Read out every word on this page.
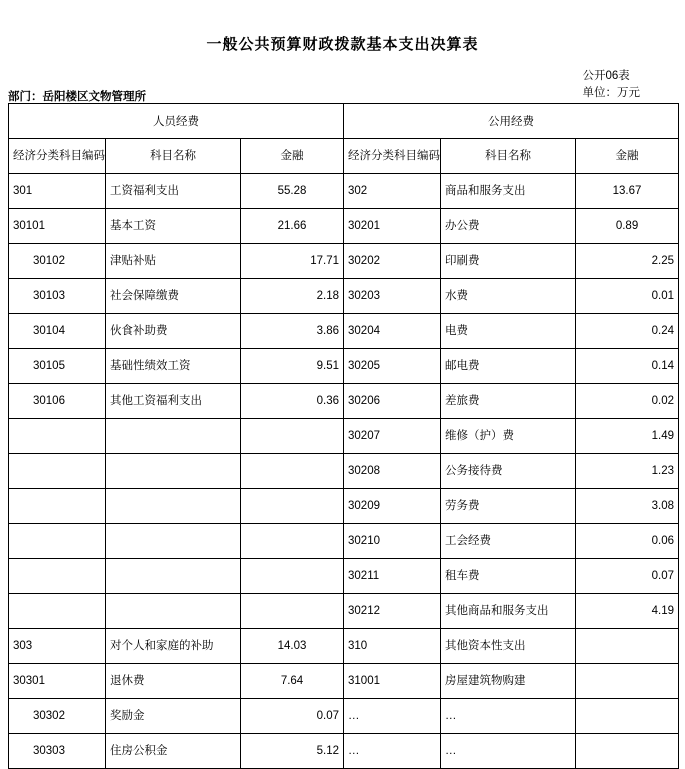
一般公共预算财政拨款基本支出决算表
公开06表
单位：万元
部门：岳阳楼区文物管理所
人员经费			公用经费		
经济分类科目编码	科目名称	金融	经济分类科目编码	科目名称	金融
301	工资福利支出	55.28	302	商品和服务支出	13.67
30101	基本工资	21.66	30201	办公费	0.89
30102	津贴补贴	17.71	30202	印刷费	2.25
30103	社会保障缴费	2.18	30203	水费	0.01
30104	伙食补助费	3.86	30204	电费	0.24
30105	基础性绩效工资	9.51	30205	邮电费	0.14
30106	其他工资福利支出	0.36	30206	差旅费	0.02
			30207	维修（护）费	1.49
			30208	公务接待费	1.23
			30209	劳务费	3.08
			30210	工会经费	0.06
			30211	租车费	0.07
			30212	其他商品和服务支出	4.19
303	对个人和家庭的补助	14.03	310	其他资本性支出	
30301	退休费	7.64	31001	房屋建筑物购建	
30302	奖励金	0.07	…	…	
30303	住房公积金	5.12	…	…	
